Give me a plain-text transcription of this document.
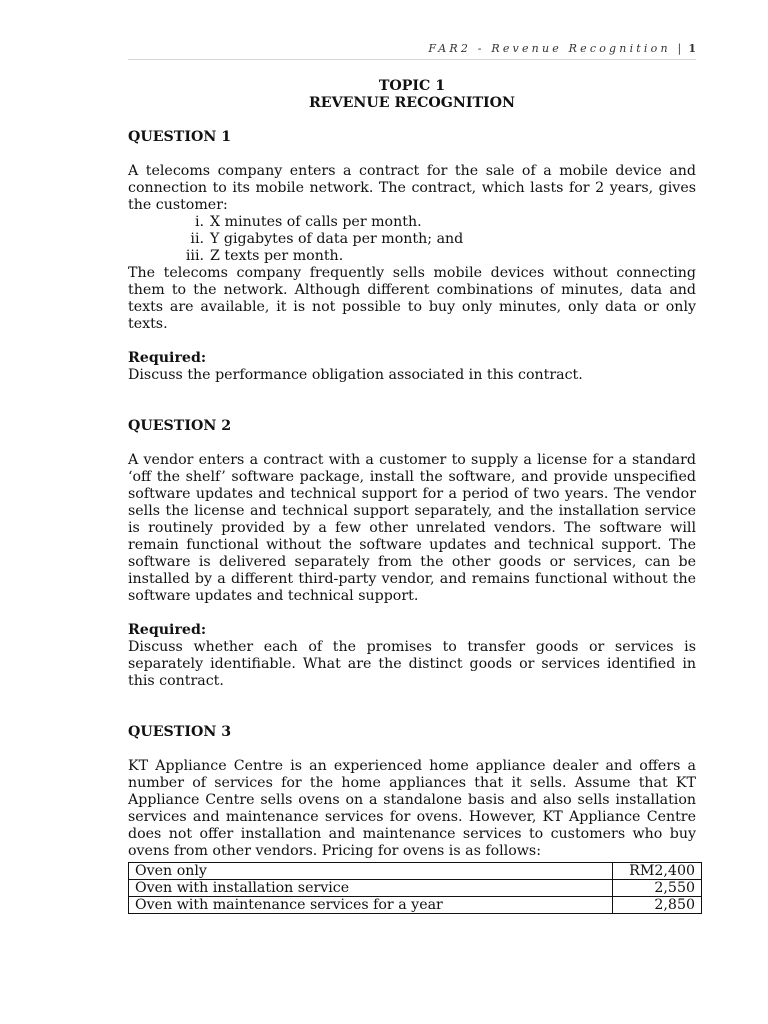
FAR2 - Revenue Recognition | 1
TOPIC 1
REVENUE RECOGNITION
QUESTION 1

A telecoms company enters a contract for the sale of a mobile device and connection to its mobile network. The contract, which lasts for 2 years, gives the customer:

i. X minutes of calls per month.
ii. Y gigabytes of data per month; and
iii. Z texts per month.

The telecoms company frequently sells mobile devices without connecting them to the network. Although different combinations of minutes, data and texts are available, it is not possible to buy only minutes, only data or only texts.

Required:

Discuss the performance obligation associated in this contract.

QUESTION 2

A vendor enters a contract with a customer to supply a license for a standard ‘off the shelf’ software package, install the software, and provide unspecified software updates and technical support for a period of two years. The vendor sells the license and technical support separately, and the installation service is routinely provided by a few other unrelated vendors. The software will remain functional without the software updates and technical support. The software is delivered separately from the other goods or services, can be installed by a different third-party vendor, and remains functional without the software updates and technical support.

Required:

Discuss whether each of the promises to transfer goods or services is separately identifiable. What are the distinct goods or services identified in this contract.

QUESTION 3

KT Appliance Centre is an experienced home appliance dealer and offers a number of services for the home appliances that it sells. Assume that KT Appliance Centre sells ovens on a standalone basis and also sells installation services and maintenance services for ovens. However, KT Appliance Centre does not offer installation and maintenance services to customers who buy ovens from other vendors. Pricing for ovens is as follows:

Oven only	RM2,400
Oven with installation service	2,550
Oven with maintenance services for a year	2,850
